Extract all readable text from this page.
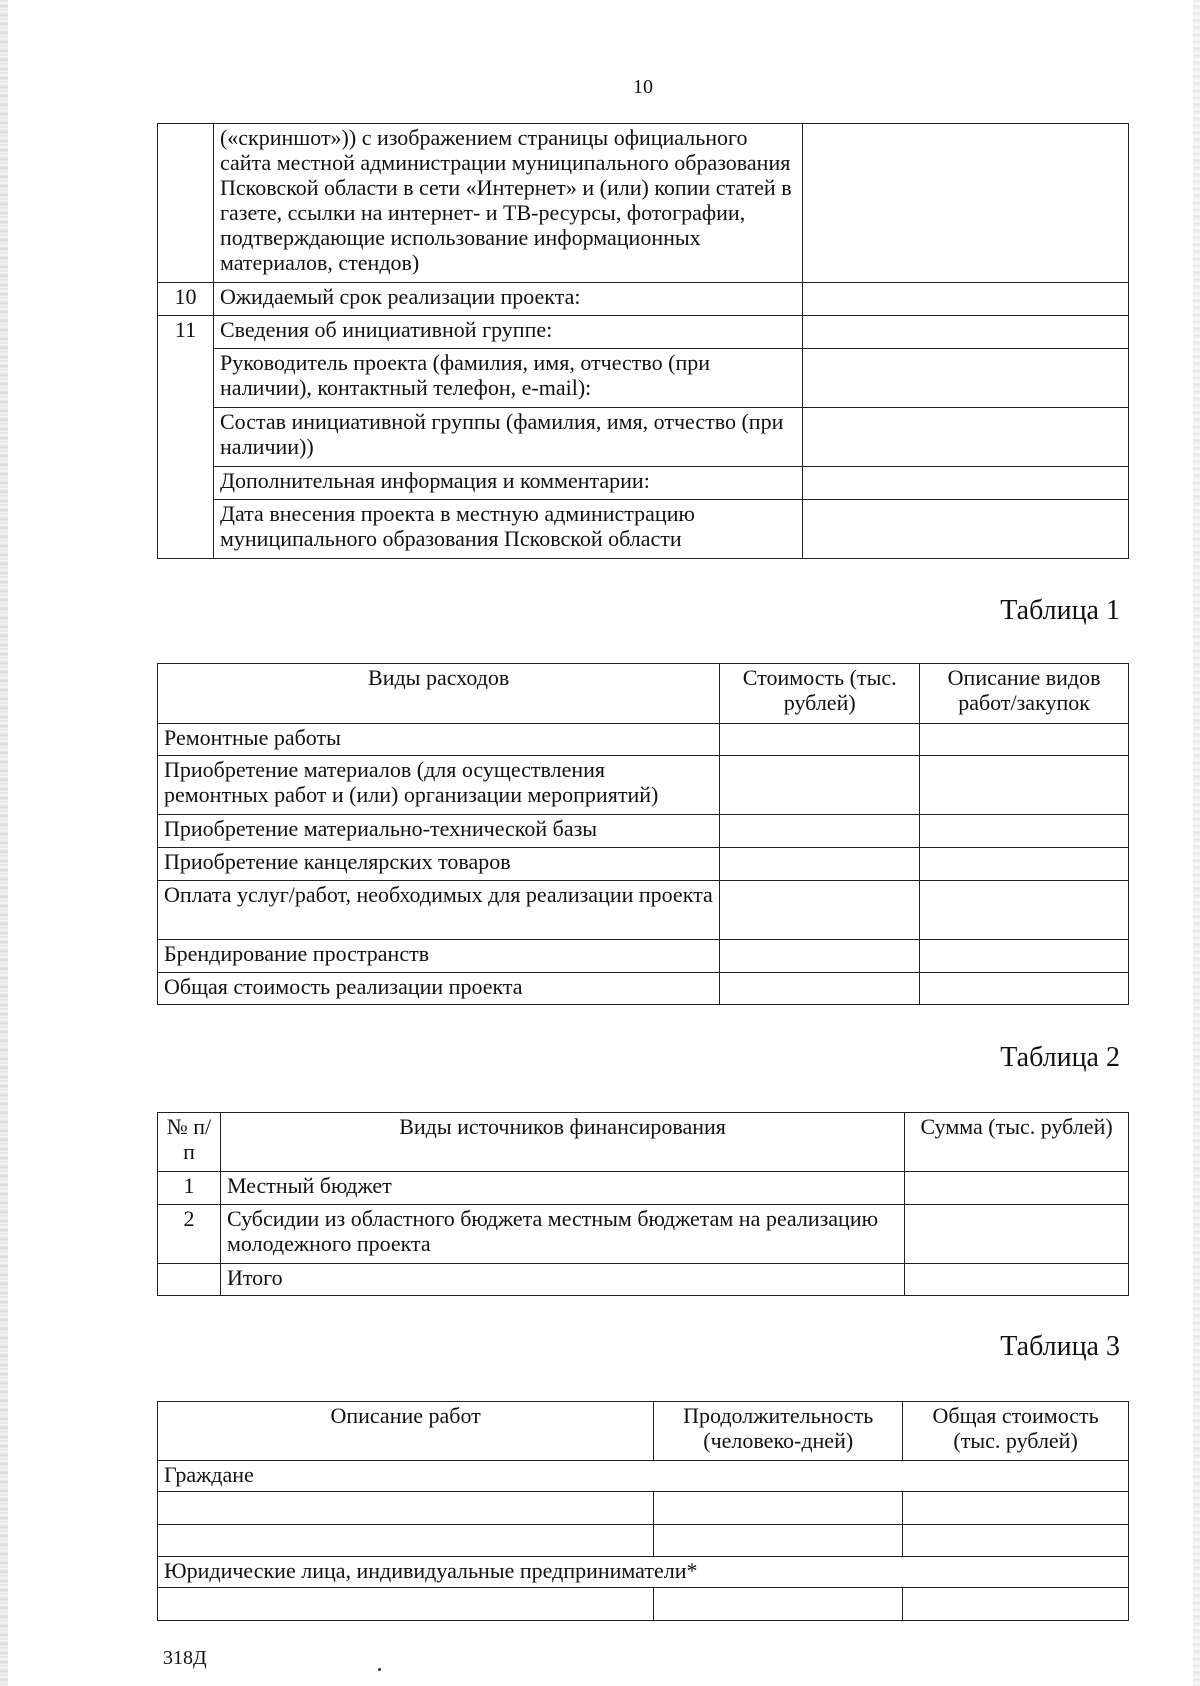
10
	(«скриншот»)) с изображением страницы официального сайта местной администрации муниципального образования Псковской области в сети «Интернет» и (или) копии статей в газете, ссылки на интернет- и ТВ-ресурсы, фотографии, подтверждающие использование информационных материалов, стендов)	
10	Ожидаемый срок реализации проекта:	
11	Сведения об инициативной группе:	
	Руководитель проекта (фамилия, имя, отчество (при наличии), контактный телефон, e-mail):	
	Состав инициативной группы (фамилия, имя, отчество (при наличии))	
	Дополнительная информация и комментарии:	
	Дата внесения проекта в местную администрацию муниципального образования Псковской области	
Таблица 1
Виды расходов	Стоимость (тыс. рублей)	Описание видов работ/закупок
Ремонтные работы		
Приобретение материалов (для осуществления ремонтных работ и (или) организации мероприятий)		
Приобретение материально-технической базы		
Приобретение канцелярских товаров		
Оплата услуг/работ, необходимых для реализации проекта		
Брендирование пространств		
Общая стоимость реализации проекта		
Таблица 2
№ п/п	Виды источников финансирования	Сумма (тыс. рублей)
1	Местный бюджет	
2	Субсидии из областного бюджета местным бюджетам на реализацию молодежного проекта	
	Итого	
Таблица 3
Описание работ	Продолжительность (человеко-дней)	Общая стоимость (тыс. рублей)
Граждане		

Юридические лица, индивидуальные предприниматели*		

318Д
